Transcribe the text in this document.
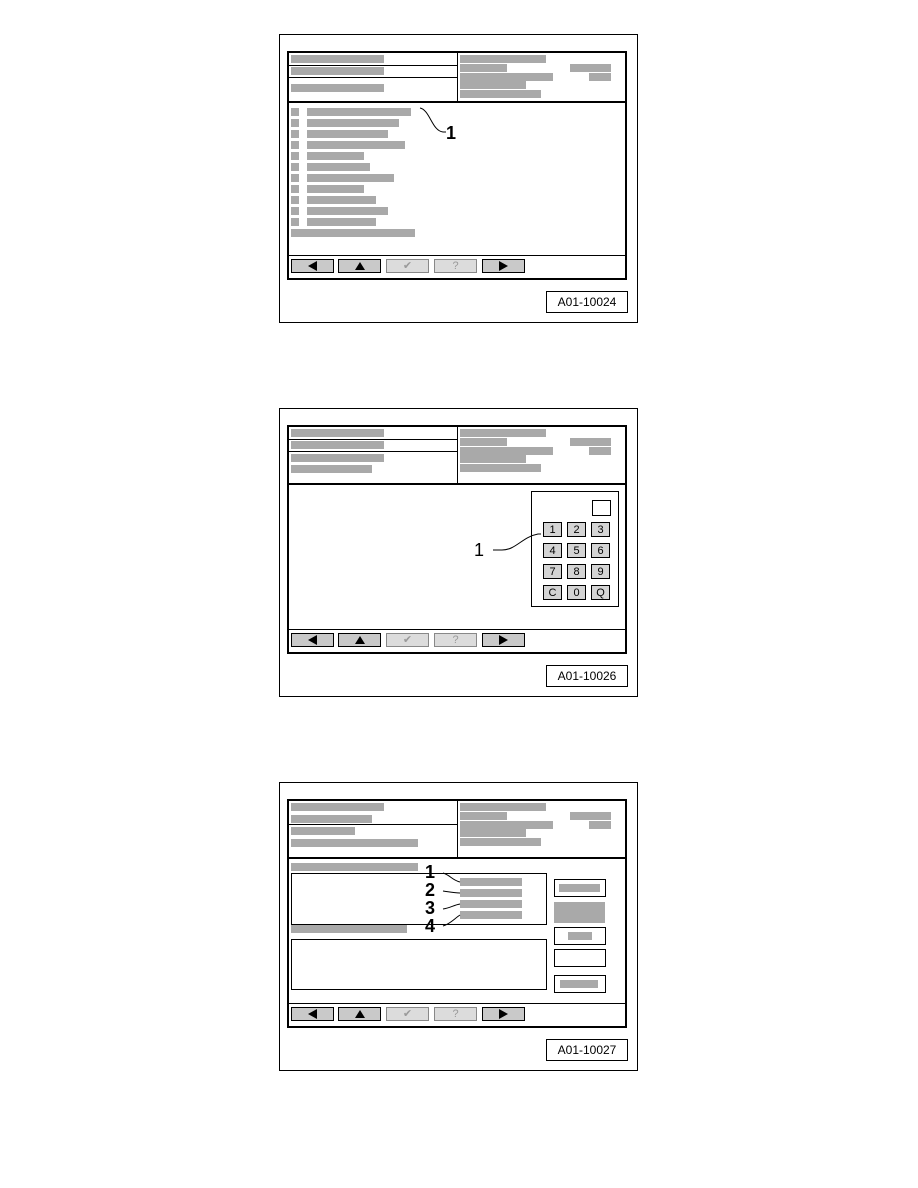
✔	?
1
A01-10024
1	2	3
4	5	6
7	8	9
C	0	Q
✔	?
1
A01-10026
✔	?
1
2
3
4
A01-10027
